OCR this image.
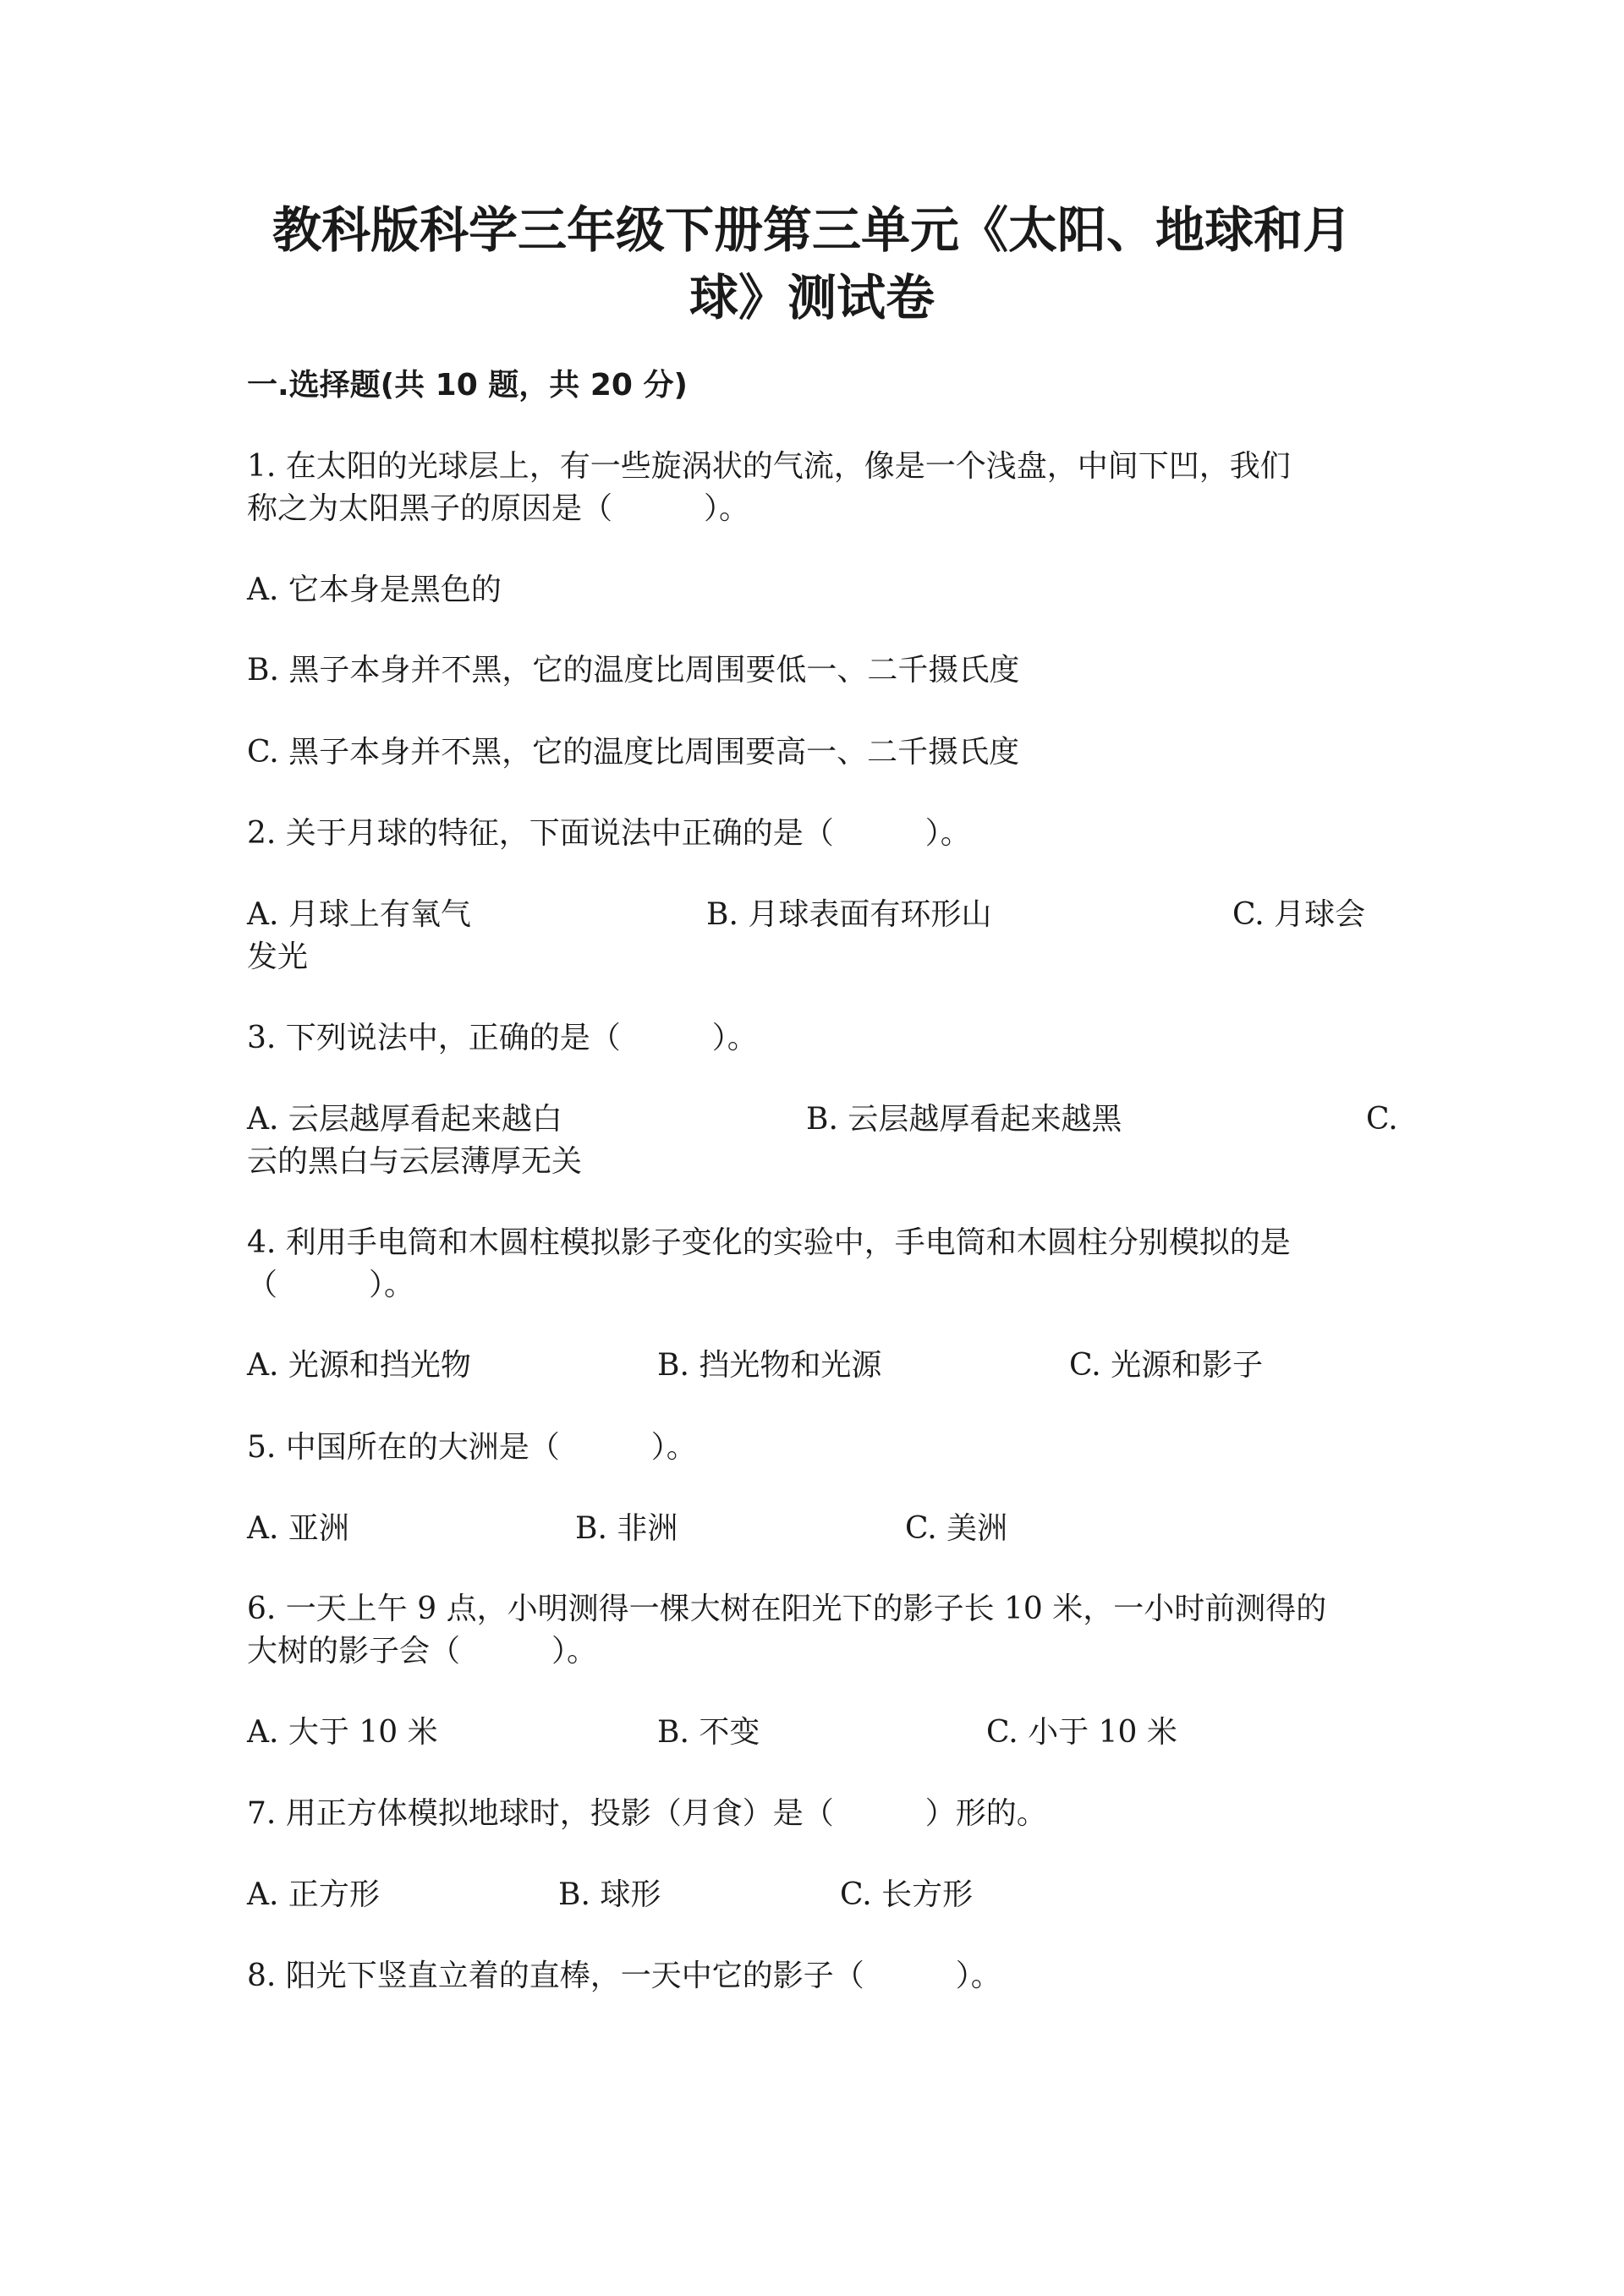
教科版科学三年级下册第三单元《太阳、地球和月
球》测试卷
一.选择题(共 10 题，共 20 分)
1. 在太阳的光球层上，有一些旋涡状的气流，像是一个浅盘，中间下凹，我们
称之为太阳黑子的原因是（　　　）。
A. 它本身是黑色的
B. 黑子本身并不黑，它的温度比周围要低一、二千摄氏度
C. 黑子本身并不黑，它的温度比周围要高一、二千摄氏度
2. 关于月球的特征，下面说法中正确的是（　　　）。
A. 月球上有氧气	B. 月球表面有环形山	C. 月球会
发光
3. 下列说法中，正确的是（　　　）。
A. 云层越厚看起来越白	B. 云层越厚看起来越黑	C.
云的黑白与云层薄厚无关
4. 利用手电筒和木圆柱模拟影子变化的实验中，手电筒和木圆柱分别模拟的是
（　　　）。
A. 光源和挡光物	B. 挡光物和光源	C. 光源和影子
5. 中国所在的大洲是（　　　）。
A. 亚洲	B. 非洲	C. 美洲
6. 一天上午 9 点，小明测得一棵大树在阳光下的影子长 10 米，一小时前测得的
大树的影子会（　　　）。
A. 大于 10 米	B. 不变	C. 小于 10 米
7. 用正方体模拟地球时，投影（月食）是（　　　）形的。
A. 正方形	B. 球形	C. 长方形
8. 阳光下竖直立着的直棒，一天中它的影子（　　　）。
